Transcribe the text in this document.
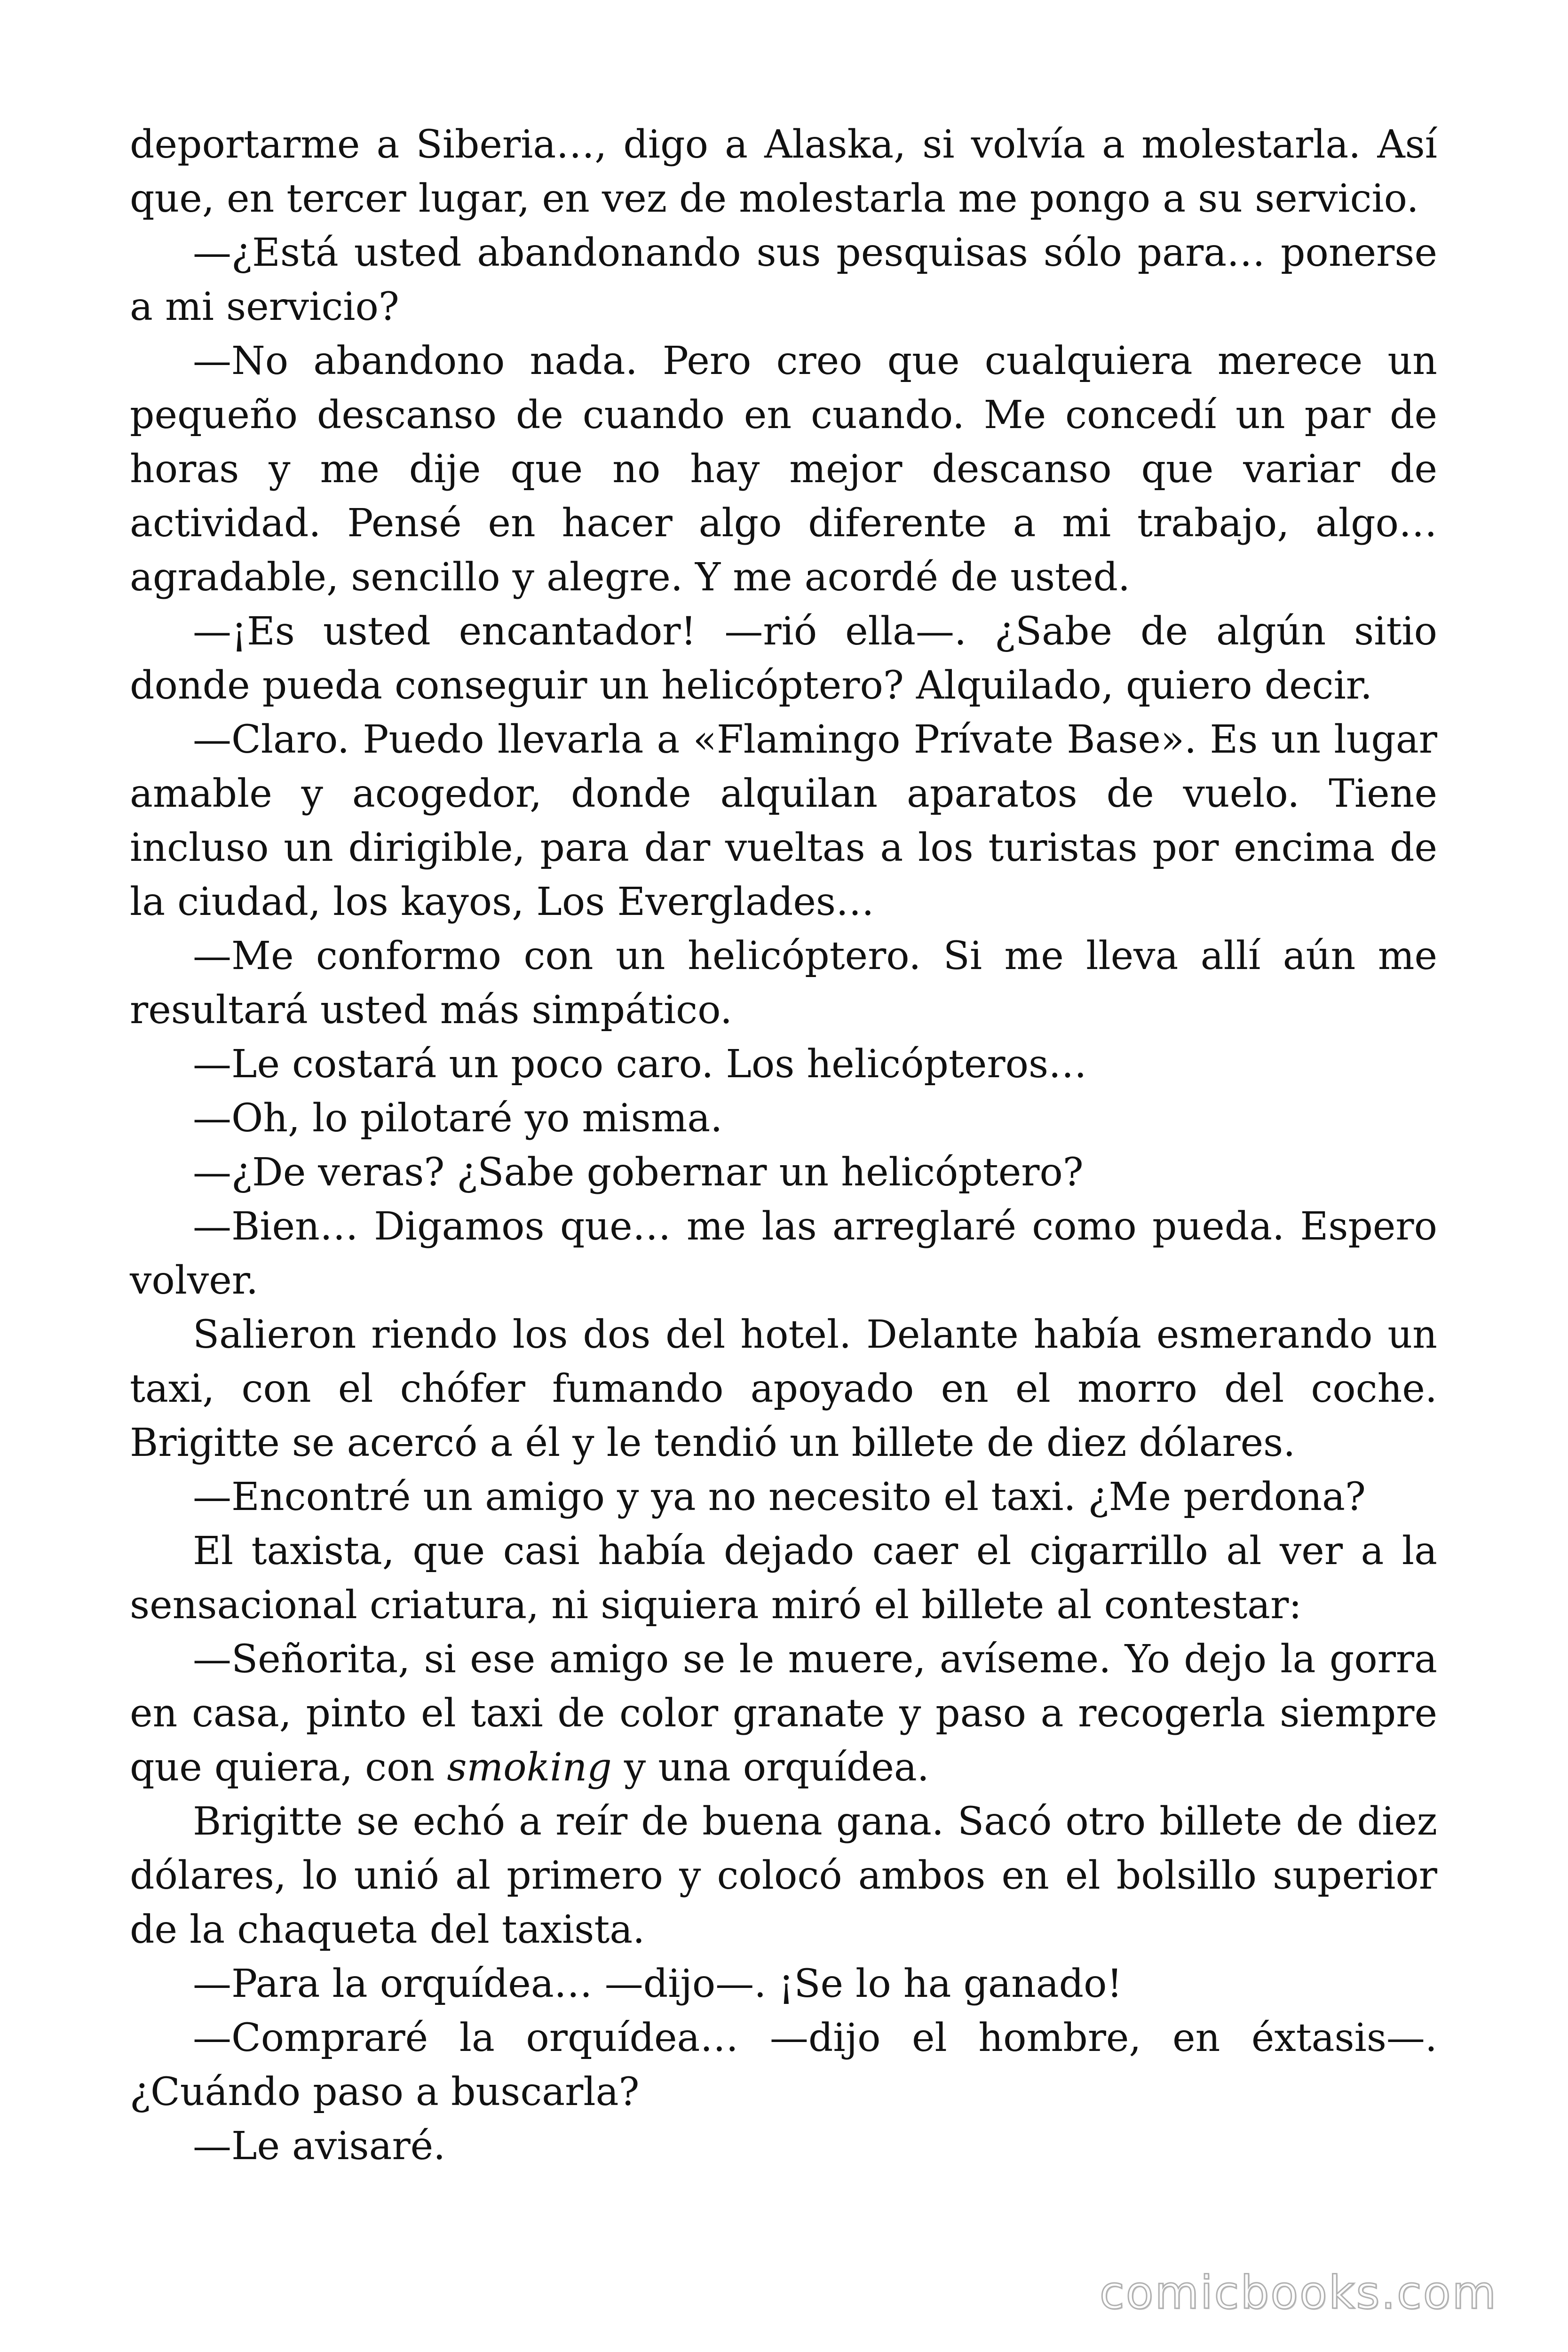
deportarme a Siberia…, digo a Alaska, si volvía a molestarla. Así que, en tercer lugar, en vez de molestarla me pongo a su servicio.

—¿Está usted abandonando sus pesquisas sólo para… ponerse a mi servicio?

—No abandono nada. Pero creo que cualquiera merece un pequeño descanso de cuando en cuando. Me concedí un par de horas y me dije que no hay mejor descanso que variar de actividad. Pensé en hacer algo diferente a mi trabajo, algo… agradable, sencillo y alegre. Y me acordé de usted.

—¡Es usted encantador! —rió ella—. ¿Sabe de algún sitio donde pueda conseguir un helicóptero? Alquilado, quiero decir.

—Claro. Puedo llevarla a «Flamingo Prívate Base». Es un lugar amable y acogedor, donde alquilan aparatos de vuelo. Tiene incluso un dirigible, para dar vueltas a los turistas por encima de la ciudad, los kayos, Los Everglades…

—Me conformo con un helicóptero. Si me lleva allí aún me resultará usted más simpático.

—Le costará un poco caro. Los helicópteros…

—Oh, lo pilotaré yo misma.

—¿De veras? ¿Sabe gobernar un helicóptero?

—Bien… Digamos que… me las arreglaré como pueda. Espero volver.

Salieron riendo los dos del hotel. Delante había esmerando un taxi, con el chófer fumando apoyado en el morro del coche. Brigitte se acercó a él y le tendió un billete de diez dólares.

—Encontré un amigo y ya no necesito el taxi. ¿Me perdona?

El taxista, que casi había dejado caer el cigarrillo al ver a la sensacional criatura, ni siquiera miró el billete al contestar:

—Señorita, si ese amigo se le muere, avíseme. Yo dejo la gorra en casa, pinto el taxi de color granate y paso a recogerla siempre que quiera, con smoking y una orquídea.

Brigitte se echó a reír de buena gana. Sacó otro billete de diez dólares, lo unió al primero y colocó ambos en el bolsillo superior de la chaqueta del taxista.

—Para la orquídea… —dijo—. ¡Se lo ha ganado!

—Compraré la orquídea… —dijo el hombre, en éxtasis—. ¿Cuándo paso a buscarla?

—Le avisaré.

comicbooks.com
